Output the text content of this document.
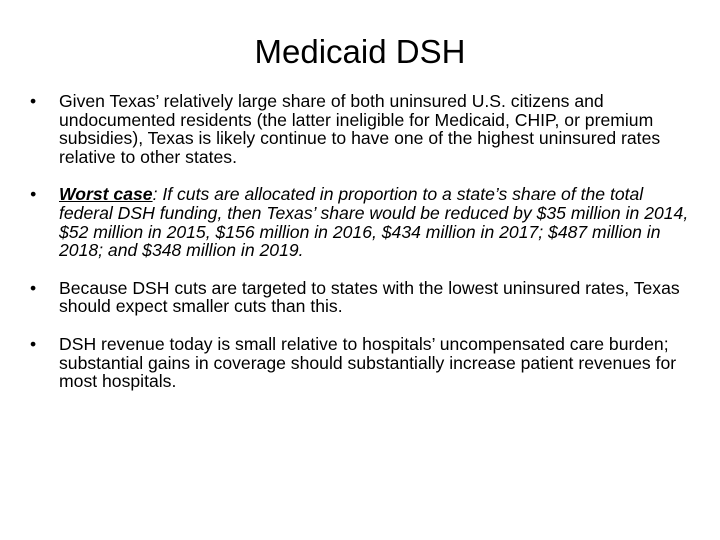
Medicaid DSH
• Given Texas’ relatively large share of both uninsured U.S. citizens and undocumented residents (the latter ineligible for Medicaid, CHIP, or premium subsidies), Texas is likely continue to have one of the highest uninsured rates relative to other states.
• Worst case: If cuts are allocated in proportion to a state’s share of the total federal DSH funding, then Texas’ share would be reduced by $35 million in 2014, $52 million in 2015, $156 million in 2016, $434 million in 2017; $487 million in 2018; and $348 million in 2019.
• Because DSH cuts are targeted to states with the lowest uninsured rates, Texas should expect smaller cuts than this.
• DSH revenue today is small relative to hospitals’ uncompensated care burden; substantial gains in coverage should substantially increase patient revenues for most hospitals.
